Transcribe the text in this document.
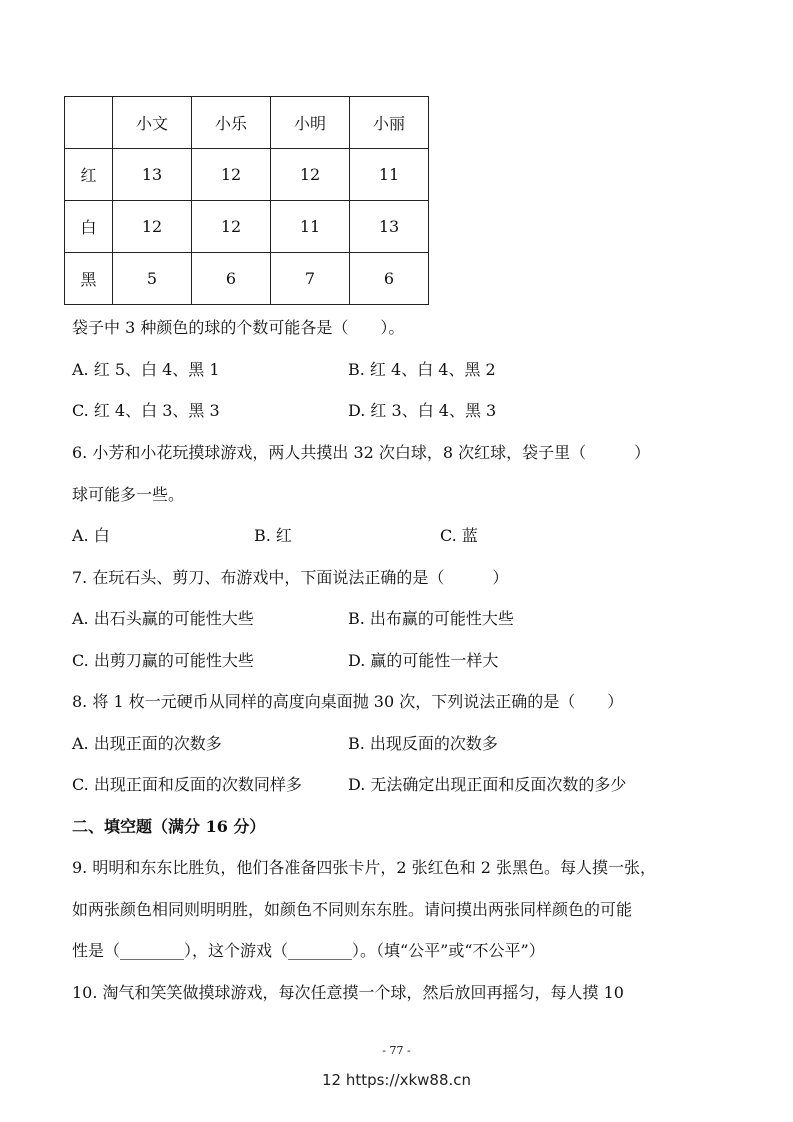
	小文	小乐	小明	小丽
红	13	12	12	11
白	12	12	11	13
黑	5	6	7	6
袋子中 3 种颜色的球的个数可能各是（　　）。
A. 红 5、白 4、黑 1	B. 红 4、白 4、黑 2
C. 红 4、白 3、黑 3	D. 红 3、白 4、黑 3
6. 小芳和小花玩摸球游戏，两人共摸出 32 次白球，8 次红球，袋子里（　　　）
球可能多一些。
A. 白	B. 红	C. 蓝
7. 在玩石头、剪刀、布游戏中，下面说法正确的是（　　　）
A. 出石头赢的可能性大些	B. 出布赢的可能性大些
C. 出剪刀赢的可能性大些	D. 赢的可能性一样大
8. 将 1 枚一元硬币从同样的高度向桌面抛 30 次，下列说法正确的是（　　）
A. 出现正面的次数多	B. 出现反面的次数多
C. 出现正面和反面的次数同样多	D. 无法确定出现正面和反面次数的多少
二、填空题（满分 16 分）
9. 明明和东东比胜负，他们各准备四张卡片，2 张红色和 2 张黑色。每人摸一张，
如两张颜色相同则明明胜，如颜色不同则东东胜。请问摸出两张同样颜色的可能
性是（________），这个游戏（________）。（填“公平”或“不公平”）
10. 淘气和笑笑做摸球游戏，每次任意摸一个球，然后放回再摇匀，每人摸 10
- 77 -
12 https://xkw88.cn
